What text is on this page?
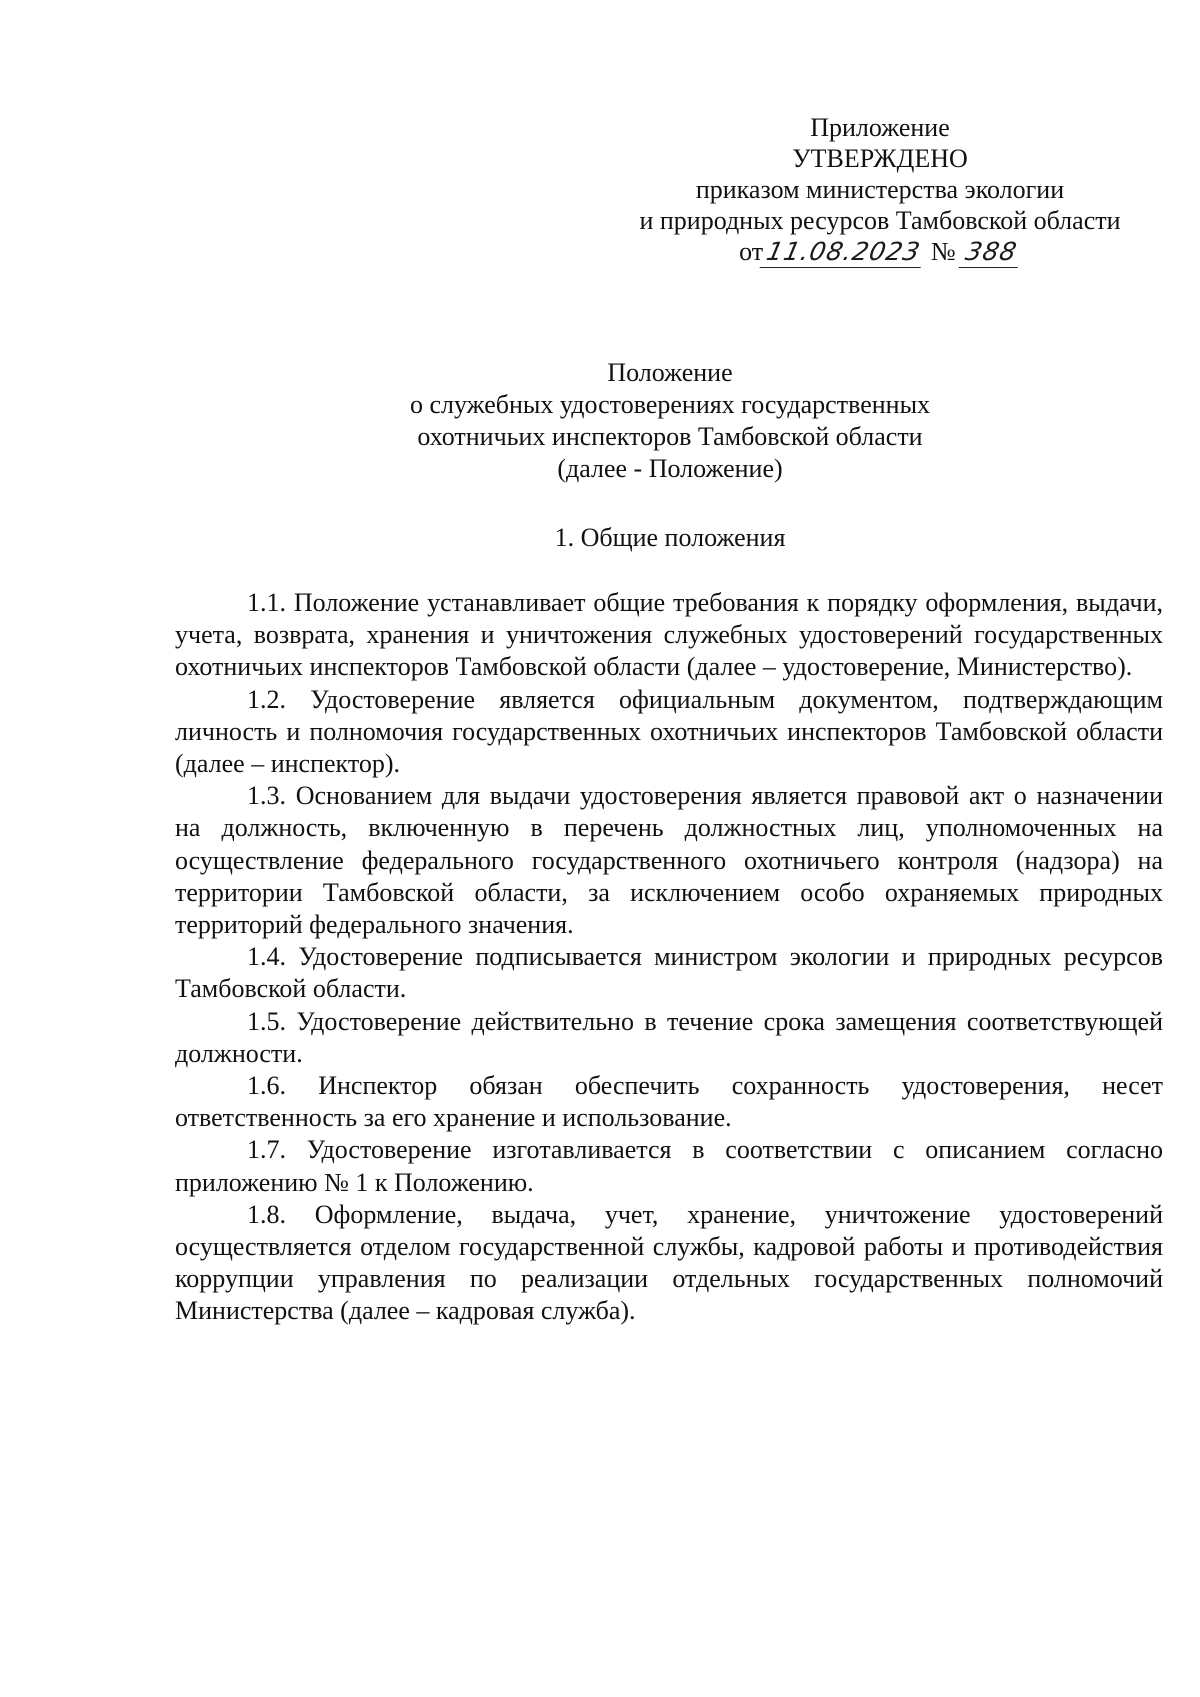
Приложение
УТВЕРЖДЕНО
приказом министерства экологии
и природных ресурсов Тамбовской области
от11.08.2023 № 388
Положение
о служебных удостоверениях государственных
охотничьих инспекторов Тамбовской области
(далее - Положение)
1. Общие положения

1.1. Положение устанавливает общие требования к порядку оформления, выдачи, учета, возврата, хранения и уничтожения служебных удостоверений государственных охотничьих инспекторов Тамбовской области (далее – удостоверение, Министерство).

1.2. Удостоверение является официальным документом, подтверждающим личность и полномочия государственных охотничьих инспекторов Тамбовской области (далее – инспектор).

1.3. Основанием для выдачи удостоверения является правовой акт о назначении на должность, включенную в перечень должностных лиц, уполномоченных на осуществление федерального государственного охотничьего контроля (надзора) на территории Тамбовской области, за исключением особо охраняемых природных территорий федерального значения.

1.4. Удостоверение подписывается министром экологии и природных ресурсов Тамбовской области.

1.5. Удостоверение действительно в течение срока замещения соответствующей должности.

1.6. Инспектор обязан обеспечить сохранность удостоверения, несет ответственность за его хранение и использование.

1.7. Удостоверение изготавливается в соответствии с описанием согласно приложению № 1 к Положению.

1.8. Оформление, выдача, учет, хранение, уничтожение удостоверений осуществляется отделом государственной службы, кадровой работы и противодействия коррупции управления по реализации отдельных государственных полномочий Министерства (далее – кадровая служба).
